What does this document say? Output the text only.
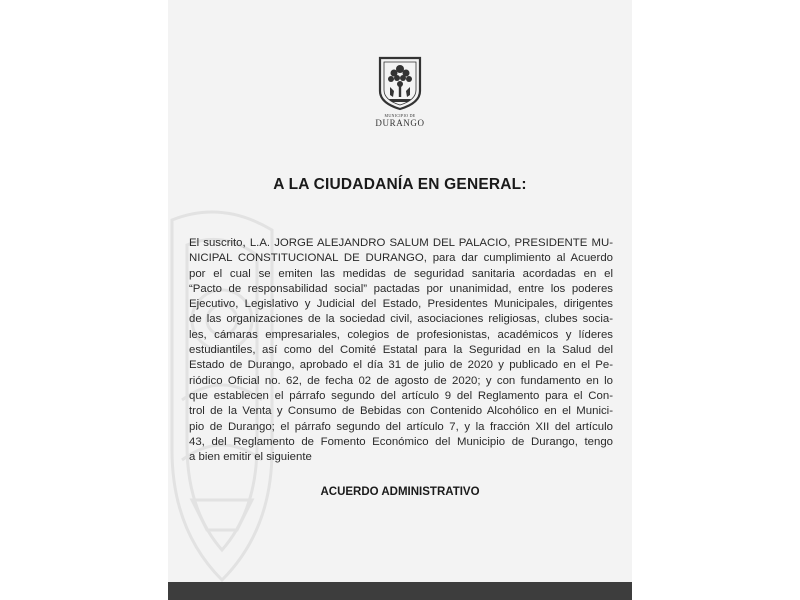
MUNICIPIO DE
DURANGO
A LA CIUDADANÍA EN GENERAL:
El suscrito, L.A. JORGE ALEJANDRO SALUM DEL PALACIO, PRESIDENTE MU-
NICIPAL CONSTITUCIONAL DE DURANGO, para dar cumplimiento al Acuerdo
por el cual se emiten las medidas de seguridad sanitaria acordadas en el
“Pacto de responsabilidad social” pactadas por unanimidad, entre los poderes
Ejecutivo, Legislativo y Judicial del Estado, Presidentes Municipales, dirigentes
de las organizaciones de la sociedad civil, asociaciones religiosas, clubes socia-
les, cámaras empresariales, colegios de profesionistas, académicos y líderes
estudiantiles, así como del Comité Estatal para la Seguridad en la Salud del
Estado de Durango, aprobado el día 31 de julio de 2020 y publicado en el Pe-
riódico Oficial no. 62, de fecha 02 de agosto de 2020; y con fundamento en lo
que establecen el párrafo segundo del artículo 9 del Reglamento para el Con-
trol de la Venta y Consumo de Bebidas con Contenido Alcohólico en el Munici-
pio de Durango; el párrafo segundo del artículo 7, y la fracción XII del artículo
43, del Reglamento de Fomento Económico del Municipio de Durango, tengo
a bien emitir el siguiente
ACUERDO ADMINISTRATIVO
